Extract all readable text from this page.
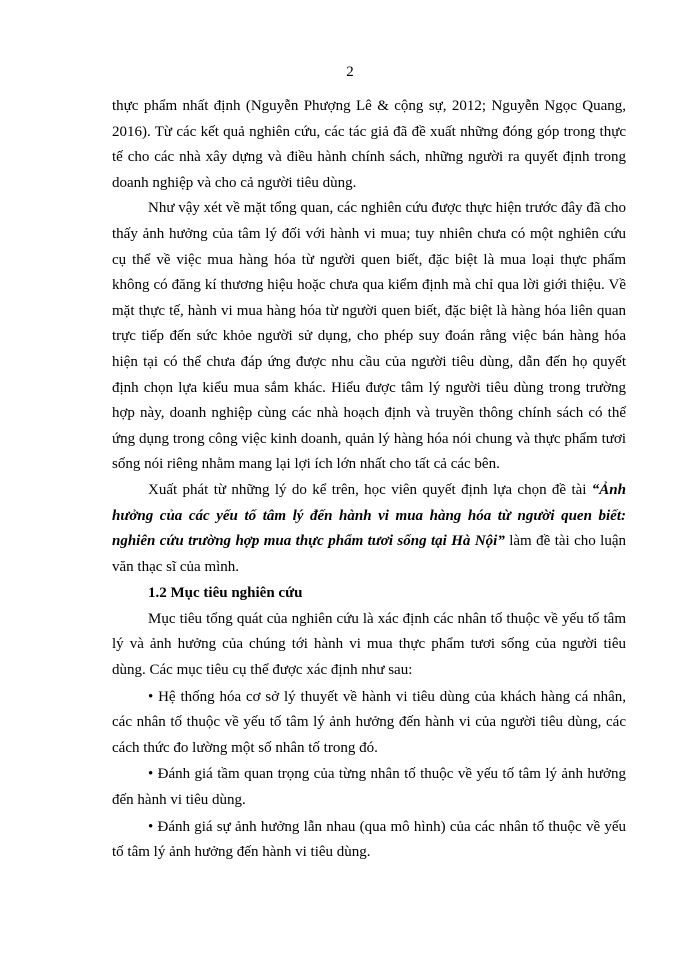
2

thực phẩm nhất định (Nguyễn Phượng Lê & cộng sự, 2012; Nguyễn Ngọc Quang, 2016). Từ các kết quả nghiên cứu, các tác giả đã đề xuất những đóng góp trong thực tế cho các nhà xây dựng và điều hành chính sách, những người ra quyết định trong doanh nghiệp và cho cả người tiêu dùng.

Như vậy xét về mặt tổng quan, các nghiên cứu được thực hiện trước đây đã cho thấy ảnh hưởng của tâm lý đối với hành vi mua; tuy nhiên chưa có một nghiên cứu cụ thể về việc mua hàng hóa từ người quen biết, đặc biệt là mua loại thực phẩm không có đăng kí thương hiệu hoặc chưa qua kiểm định mà chỉ qua lời giới thiệu. Về mặt thực tế, hành vi mua hàng hóa từ người quen biết, đặc biệt là hàng hóa liên quan trực tiếp đến sức khỏe người sử dụng, cho phép suy đoán rằng việc bán hàng hóa hiện tại có thể chưa đáp ứng được nhu cầu của người tiêu dùng, dẫn đến họ quyết định chọn lựa kiểu mua sắm khác. Hiểu được tâm lý người tiêu dùng trong trường hợp này, doanh nghiệp cùng các nhà hoạch định và truyền thông chính sách có thể ứng dụng trong công việc kinh doanh, quản lý hàng hóa nói chung và thực phẩm tươi sống nói riêng nhằm mang lại lợi ích lớn nhất cho tất cả các bên.

Xuất phát từ những lý do kể trên, học viên quyết định lựa chọn đề tài “Ảnh hưởng của các yếu tố tâm lý đến hành vi mua hàng hóa từ người quen biết: nghiên cứu trường hợp mua thực phẩm tươi sống tại Hà Nội” làm đề tài cho luận văn thạc sĩ của mình.

1.2 Mục tiêu nghiên cứu

Mục tiêu tổng quát của nghiên cứu là xác định các nhân tố thuộc về yếu tố tâm lý và ảnh hưởng của chúng tới hành vi mua thực phẩm tươi sống của người tiêu dùng. Các mục tiêu cụ thể được xác định như sau:

• Hệ thống hóa cơ sở lý thuyết về hành vi tiêu dùng của khách hàng cá nhân, các nhân tố thuộc về yếu tố tâm lý ảnh hưởng đến hành vi của người tiêu dùng, các cách thức đo lường một số nhân tố trong đó.

• Đánh giá tầm quan trọng của từng nhân tố thuộc về yếu tố tâm lý ảnh hưởng đến hành vi tiêu dùng.

• Đánh giá sự ảnh hưởng lẫn nhau (qua mô hình) của các nhân tố thuộc về yếu tố tâm lý ảnh hưởng đến hành vi tiêu dùng.
